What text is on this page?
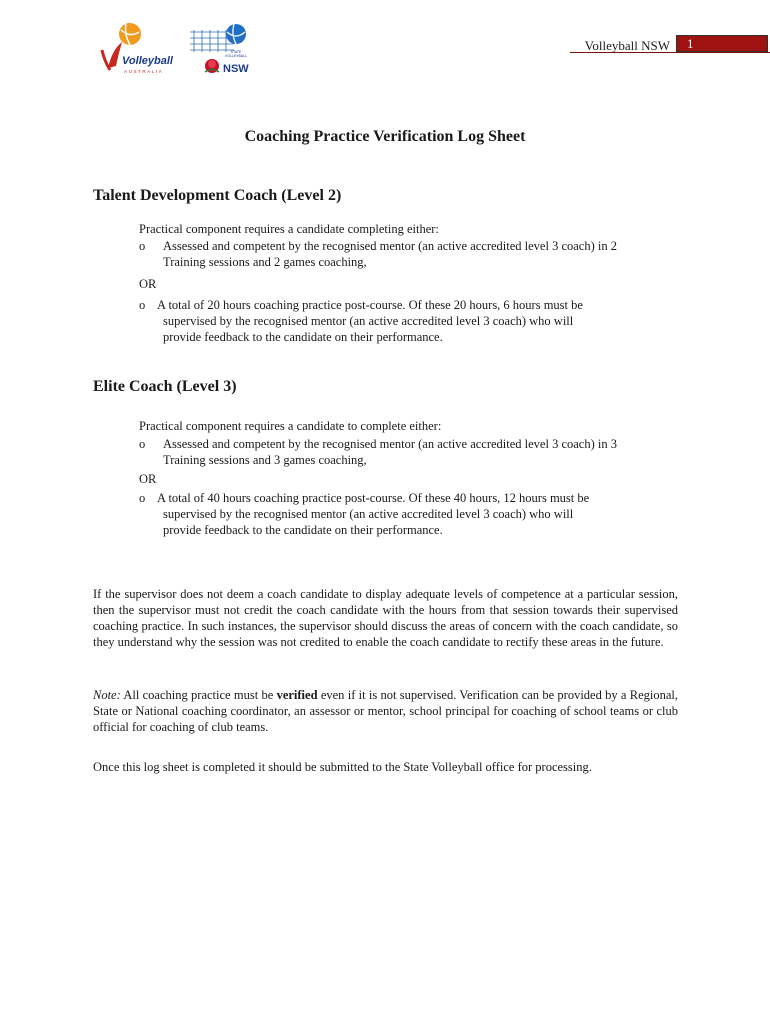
Volleyball
AUSTRALIA
STATE
VOLLEYBALL
NSW
Volleyball NSW 1
Coaching Practice Verification Log Sheet
Talent Development Coach (Level 2)
Practical component requires a candidate completing either:
o Assessed and competent by the recognised mentor (an active accredited level 3 coach) in 2
Training sessions and 2 games coaching,
OR
o A total of 20 hours coaching practice post-course. Of these 20 hours, 6 hours must be
supervised by the recognised mentor (an active accredited level 3 coach) who will
provide feedback to the candidate on their performance.
Elite Coach (Level 3)
Practical component requires a candidate to complete either:
o Assessed and competent by the recognised mentor (an active accredited level 3 coach) in 3
Training sessions and 3 games coaching,
OR
o A total of 40 hours coaching practice post-course. Of these 40 hours, 12 hours must be
supervised by the recognised mentor (an active accredited level 3 coach) who will
provide feedback to the candidate on their performance.
If the supervisor does not deem a coach candidate to display adequate levels of competence at a particular session, then the supervisor must not credit the coach candidate with the hours from that session towards their supervised coaching practice. In such instances, the supervisor should discuss the areas of concern with the coach candidate, so they understand why the session was not credited to enable the coach candidate to rectify these areas in the future.
Note: All coaching practice must be verified even if it is not supervised. Verification can be provided by a Regional, State or National coaching coordinator, an assessor or mentor, school principal for coaching of school teams or club official for coaching of club teams.
Once this log sheet is completed it should be submitted to the State Volleyball office for processing.
